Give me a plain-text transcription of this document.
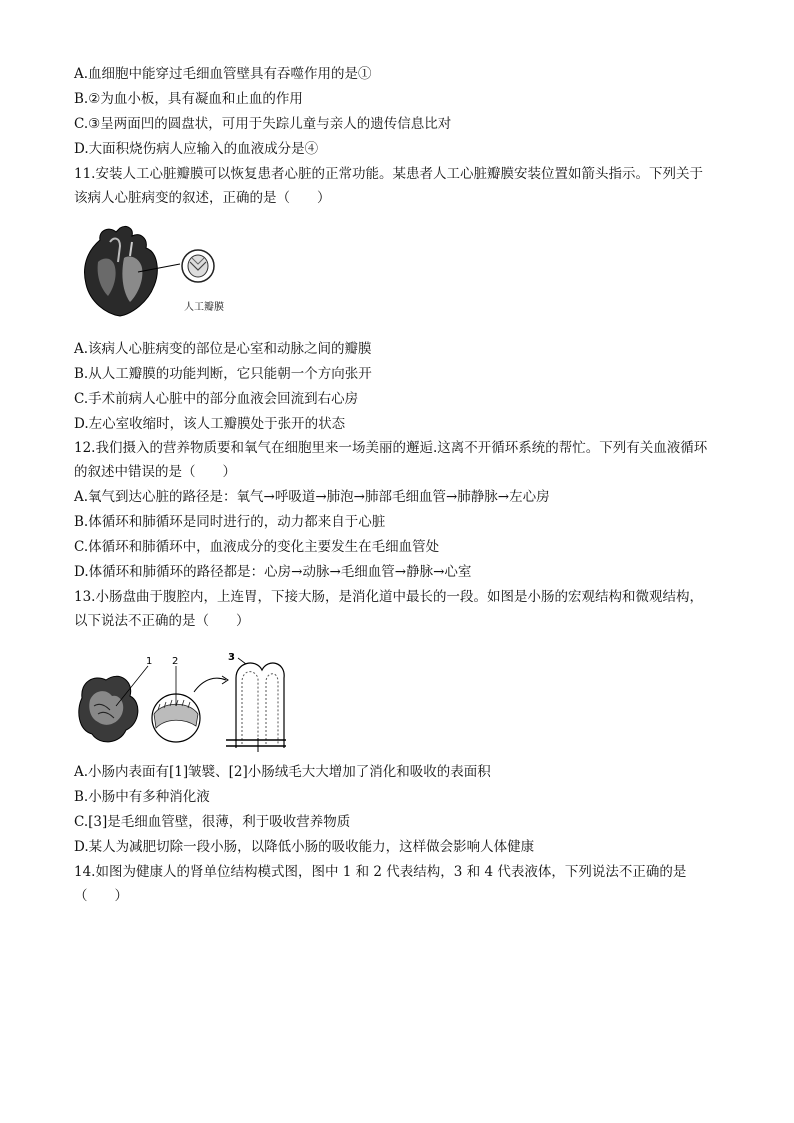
A.血细胞中能穿过毛细血管壁具有吞噬作用的是①
B.②为血小板，具有凝血和止血的作用
C.③呈两面凹的圆盘状，可用于失踪儿童与亲人的遗传信息比对
D.大面积烧伤病人应输入的血液成分是④
11.安装人工心脏瓣膜可以恢复患者心脏的正常功能。某患者人工心脏瓣膜安装位置如箭头指示。下列关于
该病人心脏病变的叙述，正确的是（　　）
人工瓣膜
A.该病人心脏病变的部位是心室和动脉之间的瓣膜
B.从人工瓣膜的功能判断，它只能朝一个方向张开
C.手术前病人心脏中的部分血液会回流到右心房
D.左心室收缩时，该人工瓣膜处于张开的状态
12.我们摄入的营养物质要和氧气在细胞里来一场美丽的邂逅.这离不开循环系统的帮忙。下列有关血液循环
的叙述中错误的是（　　）
A.氧气到达心脏的路径是：氧气→呼吸道→肺泡→肺部毛细血管→肺静脉→左心房
B.体循环和肺循环是同时进行的，动力都来自于心脏
C.体循环和肺循环中，血液成分的变化主要发生在毛细血管处
D.体循环和肺循环的路径都是：心房→动脉→毛细血管→静脉→心室
13.小肠盘曲于腹腔内，上连胃，下接大肠，是消化道中最长的一段。如图是小肠的宏观结构和微观结构，
以下说法不正确的是（　　）
1 2	3
A.小肠内表面有[1]皱襞、[2]小肠绒毛大大增加了消化和吸收的表面积
B.小肠中有多种消化液
C.[3]是毛细血管壁，很薄，利于吸收营养物质
D.某人为减肥切除一段小肠，以降低小肠的吸收能力，这样做会影响人体健康
14.如图为健康人的肾单位结构模式图，图中 1 和 2 代表结构，3 和 4 代表液体，下列说法不正确的是
（　　）
